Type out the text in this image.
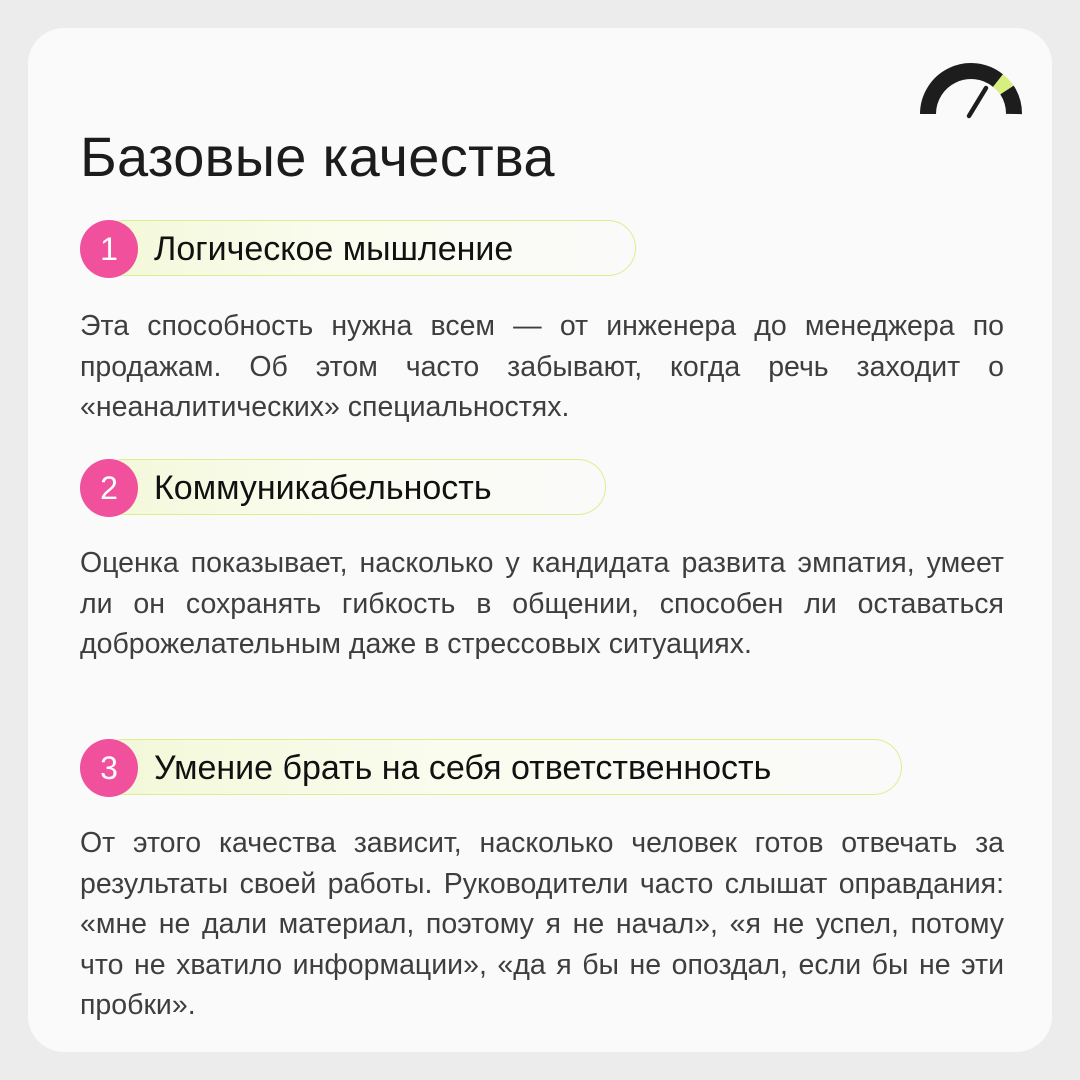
Базовые качества
1	Логическое мышление

Эта способность нужна всем — от инженера до менеджера по продажам. Об этом часто забывают, когда речь заходит о «неаналитических» специальностях.

2	Коммуникабельность

Оценка показывает, насколько у кандидата развита эмпатия, умеет ли он сохранять гибкость в общении, способен ли оставаться доброжелательным даже в стрессовых ситуациях.

3	Умение брать на себя ответственность

От этого качества зависит, насколько человек готов отвечать за результаты своей работы. Руководители часто слышат оправдания: «мне не дали материал, поэтому я не начал», «я не успел, потому что не хватило информации», «да я бы не опоздал, если бы не эти пробки».
